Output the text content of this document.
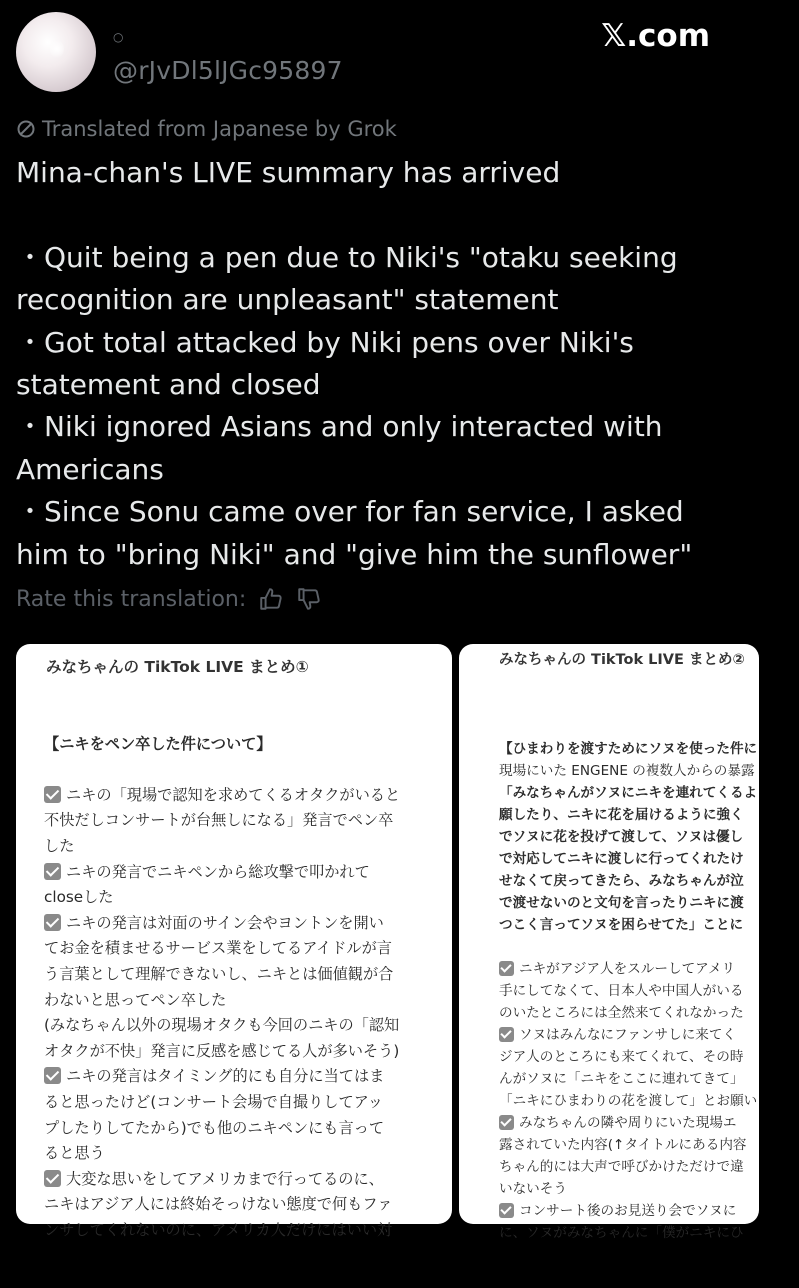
○
@rJvDl5lJGc95897
𝕏.com
Translated from Japanese by Grok
Mina-chan's LIVE summary has arrived

・Quit being a pen due to Niki's "otaku seeking recognition are unpleasant" statement
・Got total attacked by Niki pens over Niki's statement and closed
・Niki ignored Asians and only interacted with Americans
・Since Sonu came over for fan service, I asked him to "bring Niki" and "give him the sunflower"
Rate this translation:
みなちゃんの TikTok LIVE まとめ①

【ニキをペン卒した件について】

ニキの「現場で認知を求めてくるオタクがいると
不快だしコンサートが台無しになる」発言でペン卒
した
ニキの発言でニキペンから総攻撃で叩かれて
closeした
ニキの発言は対面のサイン会やヨントンを開い
てお金を積ませるサービス業をしてるアイドルが言
う言葉として理解できないし、ニキとは価値観が合
わないと思ってペン卒した
(みなちゃん以外の現場オタクも今回のニキの「認知
オタクが不快」発言に反感を感じてる人が多いそう)
ニキの発言はタイミング的にも自分に当てはま
ると思ったけど(コンサート会場で自撮りしてアッ
プしたりしてたから)でも他のニキペンにも言って
ると思う
大変な思いをしてアメリカまで行ってるのに、
ニキはアジア人には終始そっけない態度で何もファ
ンサしてくれないのに、アメリカ人だけにはいい対

みなちゃんの TikTok LIVE まとめ②

【ひまわりを渡すためにソヌを使った件に
現場にいた ENGENE の複数人からの暴露
「みなちゃんがソヌにニキを連れてくるよ
願したり、ニキに花を届けるように強く
でソヌに花を投げて渡して、ソヌは優し
で対応してニキに渡しに行ってくれたけ
せなくて戻ってきたら、みなちゃんが泣
で渡せないのと文句を言ったりニキに渡
つこく言ってソヌを困らせてた」ことに

ニキがアジア人をスルーしてアメリ
手にしてなくて、日本人や中国人がいる
のいたところには全然来てくれなかった
ソヌはみんなにファンサしに来てく
ジア人のところにも来てくれて、その時
んがソヌに「ニキをここに連れてきて」
「ニキにひまわりの花を渡して」とお願い
みなちゃんの隣や周りにいた現場エ
露されていた内容(↑タイトルにある内容
ちゃん的には大声で呼びかけただけで違
いないそう
コンサート後のお見送り会でソヌに
に、ソヌがみなちゃんに「僕がニキにひ
